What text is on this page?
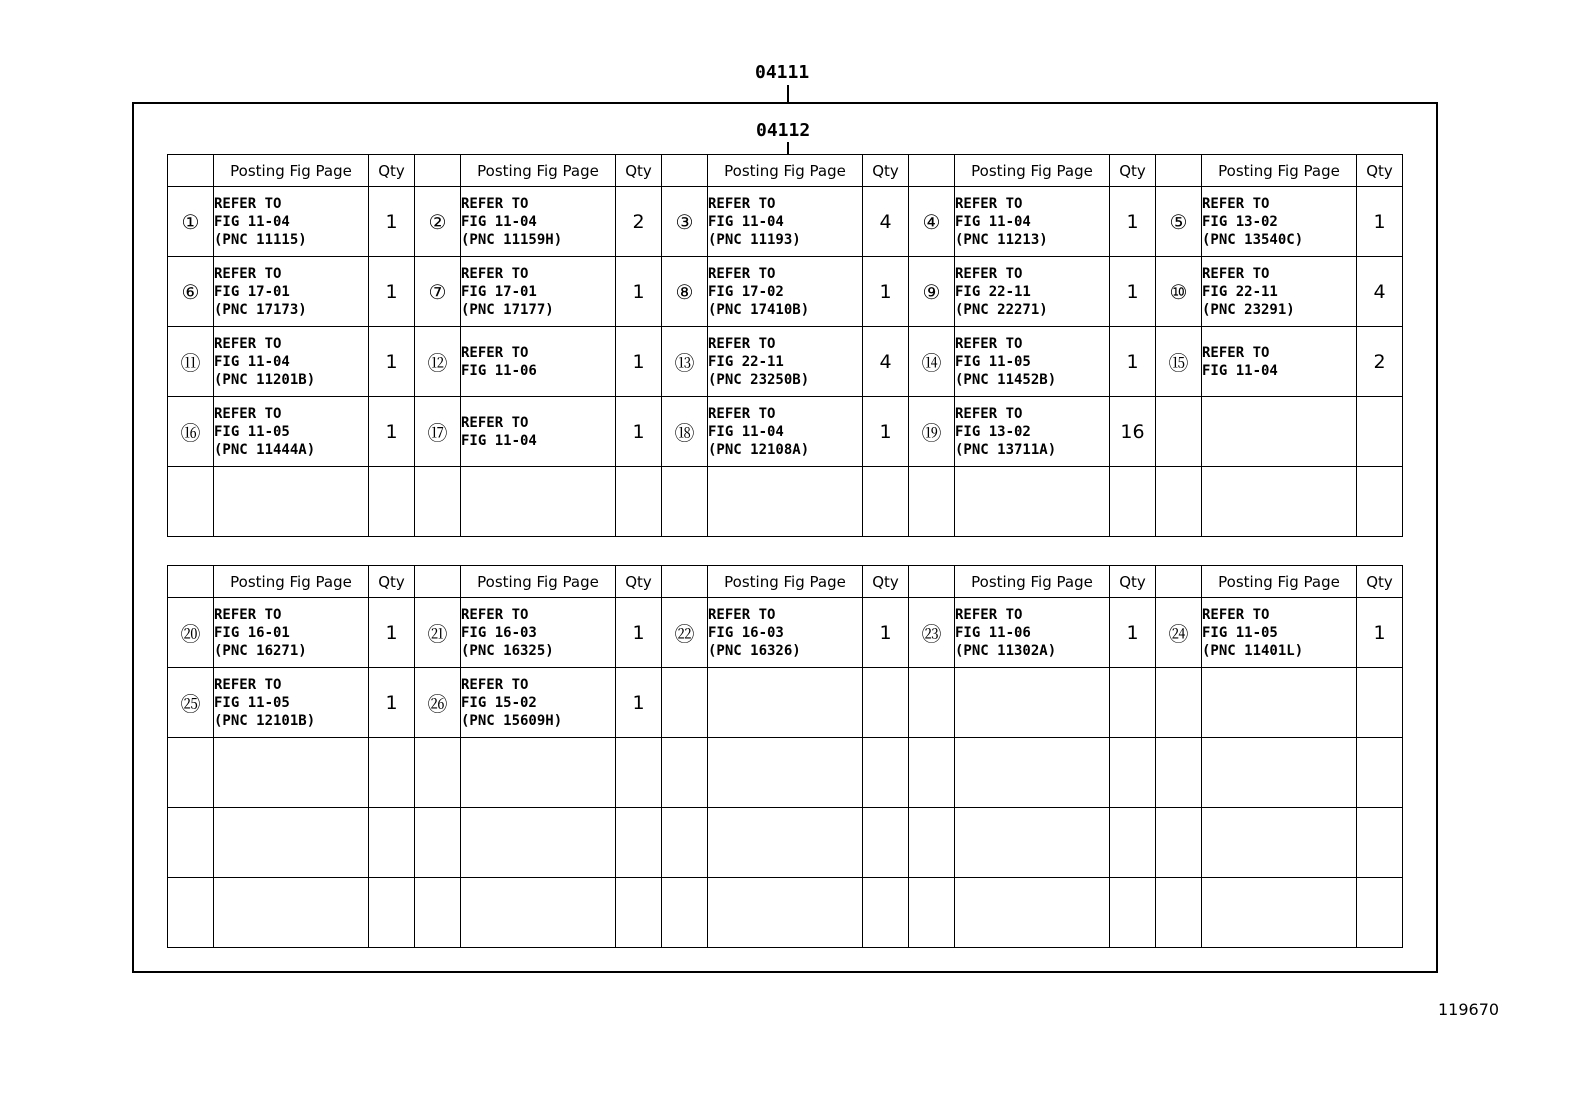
04111
04112
	Posting Fig Page	Qty		Posting Fig Page	Qty		Posting Fig Page	Qty		Posting Fig Page	Qty		Posting Fig Page	Qty
①	REFER TO
FIG 11-04
(PNC 11115)	1	②	REFER TO
FIG 11-04
(PNC 11159H)	2	③	REFER TO
FIG 11-04
(PNC 11193)	4	④	REFER TO
FIG 11-04
(PNC 11213)	1	⑤	REFER TO
FIG 13-02
(PNC 13540C)	1
⑥	REFER TO
FIG 17-01
(PNC 17173)	1	⑦	REFER TO
FIG 17-01
(PNC 17177)	1	⑧	REFER TO
FIG 17-02
(PNC 17410B)	1	⑨	REFER TO
FIG 22-11
(PNC 22271)	1	⑩	REFER TO
FIG 22-11
(PNC 23291)	4
⑪	REFER TO
FIG 11-04
(PNC 11201B)	1	⑫	REFER TO
FIG 11-06	1	⑬	REFER TO
FIG 22-11
(PNC 23250B)	4	⑭	REFER TO
FIG 11-05
(PNC 11452B)	1	⑮	REFER TO
FIG 11-04	2
⑯	REFER TO
FIG 11-05
(PNC 11444A)	1	⑰	REFER TO
FIG 11-04	1	⑱	REFER TO
FIG 11-04
(PNC 12108A)	1	⑲	REFER TO
FIG 13-02
(PNC 13711A)	16			

	Posting Fig Page	Qty		Posting Fig Page	Qty		Posting Fig Page	Qty		Posting Fig Page	Qty		Posting Fig Page	Qty
⑳	REFER TO
FIG 16-01
(PNC 16271)	1	㉑	REFER TO
FIG 16-03
(PNC 16325)	1	㉒	REFER TO
FIG 16-03
(PNC 16326)	1	㉓	REFER TO
FIG 11-06
(PNC 11302A)	1	㉔	REFER TO
FIG 11-05
(PNC 11401L)	1
㉕	REFER TO
FIG 11-05
(PNC 12101B)	1	㉖	REFER TO
FIG 15-02
(PNC 15609H)	1									

119670
